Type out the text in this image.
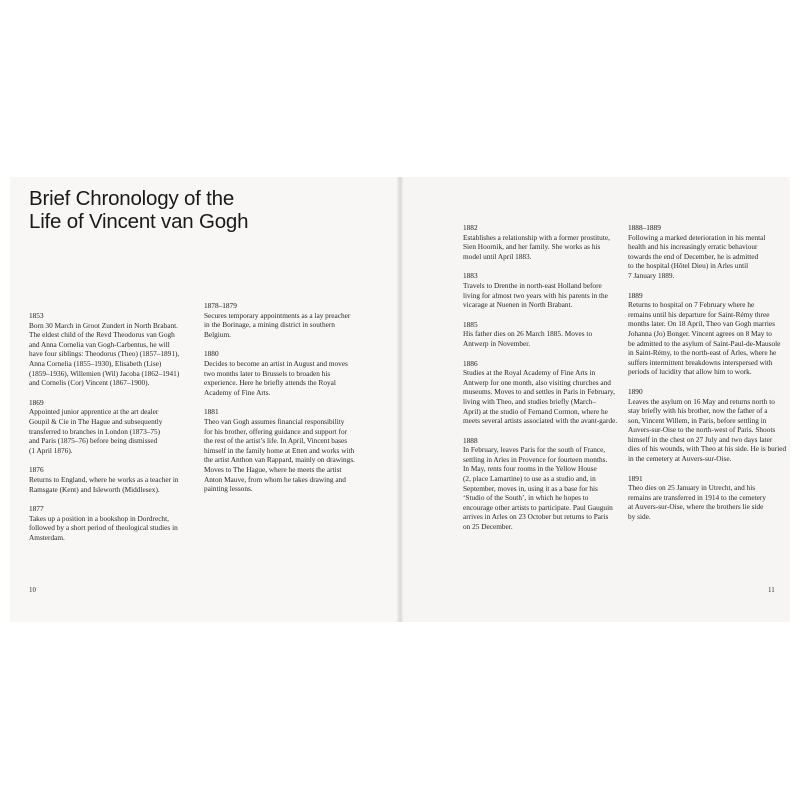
Brief Chronology of the
Life of Vincent van Gogh
1853
Born 30 March in Groot Zundert in North Brabant.
The eldest child of the Revd Theodorus van Gogh
and Anna Cornelia van Gogh-Carbentus, he will
have four siblings: Theodorus (Theo) (1857–1891),
Anna Cornelia (1855–1930), Elisabeth (Lise)
(1859–1936), Willemien (Wil) Jacoba (1862–1941)
and Cornelis (Cor) Vincent (1867–1900).
1869
Appointed junior apprentice at the art dealer
Goupil & Cie in The Hague and subsequently
transferred to branches in London (1873–75)
and Paris (1875–76) before being dismissed
(1 April 1876).
1876
Returns to England, where he works as a teacher in
Ramsgate (Kent) and Isleworth (Middlesex).
1877
Takes up a position in a bookshop in Dordrecht,
followed by a short period of theological studies in
Amsterdam.
1878–1879
Secures temporary appointments as a lay preacher
in the Borinage, a mining district in southern
Belgium.
1880
Decides to become an artist in August and moves
two months later to Brussels to broaden his
experience. Here he briefly attends the Royal
Academy of Fine Arts.
1881
Theo van Gogh assumes financial responsibility
for his brother, offering guidance and support for
the rest of the artist’s life. In April, Vincent bases
himself in the family home at Etten and works with
the artist Anthon van Rappard, mainly on drawings.
Moves to The Hague, where he meets the artist
Anton Mauve, from whom he takes drawing and
painting lessons.
10
1882
Establishes a relationship with a former prostitute,
Sien Hoornik, and her family. She works as his
model until April 1883.
1883
Travels to Drenthe in north-east Holland before
living for almost two years with his parents in the
vicarage at Nuenen in North Brabant.
1885
His father dies on 26 March 1885. Moves to
Antwerp in November.
1886
Studies at the Royal Academy of Fine Arts in
Antwerp for one month, also visiting churches and
museums. Moves to and settles in Paris in February,
living with Theo, and studies briefly (March–
April) at the studio of Fernand Cormon, where he
meets several artists associated with the avant-garde.
1888
In February, leaves Paris for the south of France,
settling in Arles in Provence for fourteen months.
In May, rents four rooms in the Yellow House
(2, place Lamartine) to use as a studio and, in
September, moves in, using it as a base for his
‘Studio of the South’, in which he hopes to
encourage other artists to participate. Paul Gauguin
arrives in Arles on 23 October but returns to Paris
on 25 December.
1888–1889
Following a marked deterioration in his mental
health and his increasingly erratic behaviour
towards the end of December, he is admitted
to the hospital (Hôtel Dieu) in Arles until
7 January 1889.
1889
Returns to hospital on 7 February where he
remains until his departure for Saint-Rémy three
months later. On 18 April, Theo van Gogh marries
Johanna (Jo) Bonger. Vincent agrees on 8 May to
be admitted to the asylum of Saint-Paul-de-Mausole
in Saint-Rémy, to the north-east of Arles, where he
suffers intermittent breakdowns interspersed with
periods of lucidity that allow him to work.
1890
Leaves the asylum on 16 May and returns north to
stay briefly with his brother, now the father of a
son, Vincent Willem, in Paris, before settling in
Auvers-sur-Oise to the north-west of Paris. Shoots
himself in the chest on 27 July and two days later
dies of his wounds, with Theo at his side. He is buried
in the cemetery at Auvers-sur-Oise.
1891
Theo dies on 25 January in Utrecht, and his
remains are transferred in 1914 to the cemetery
at Auvers-sur-Oise, where the brothers lie side
by side.
11
